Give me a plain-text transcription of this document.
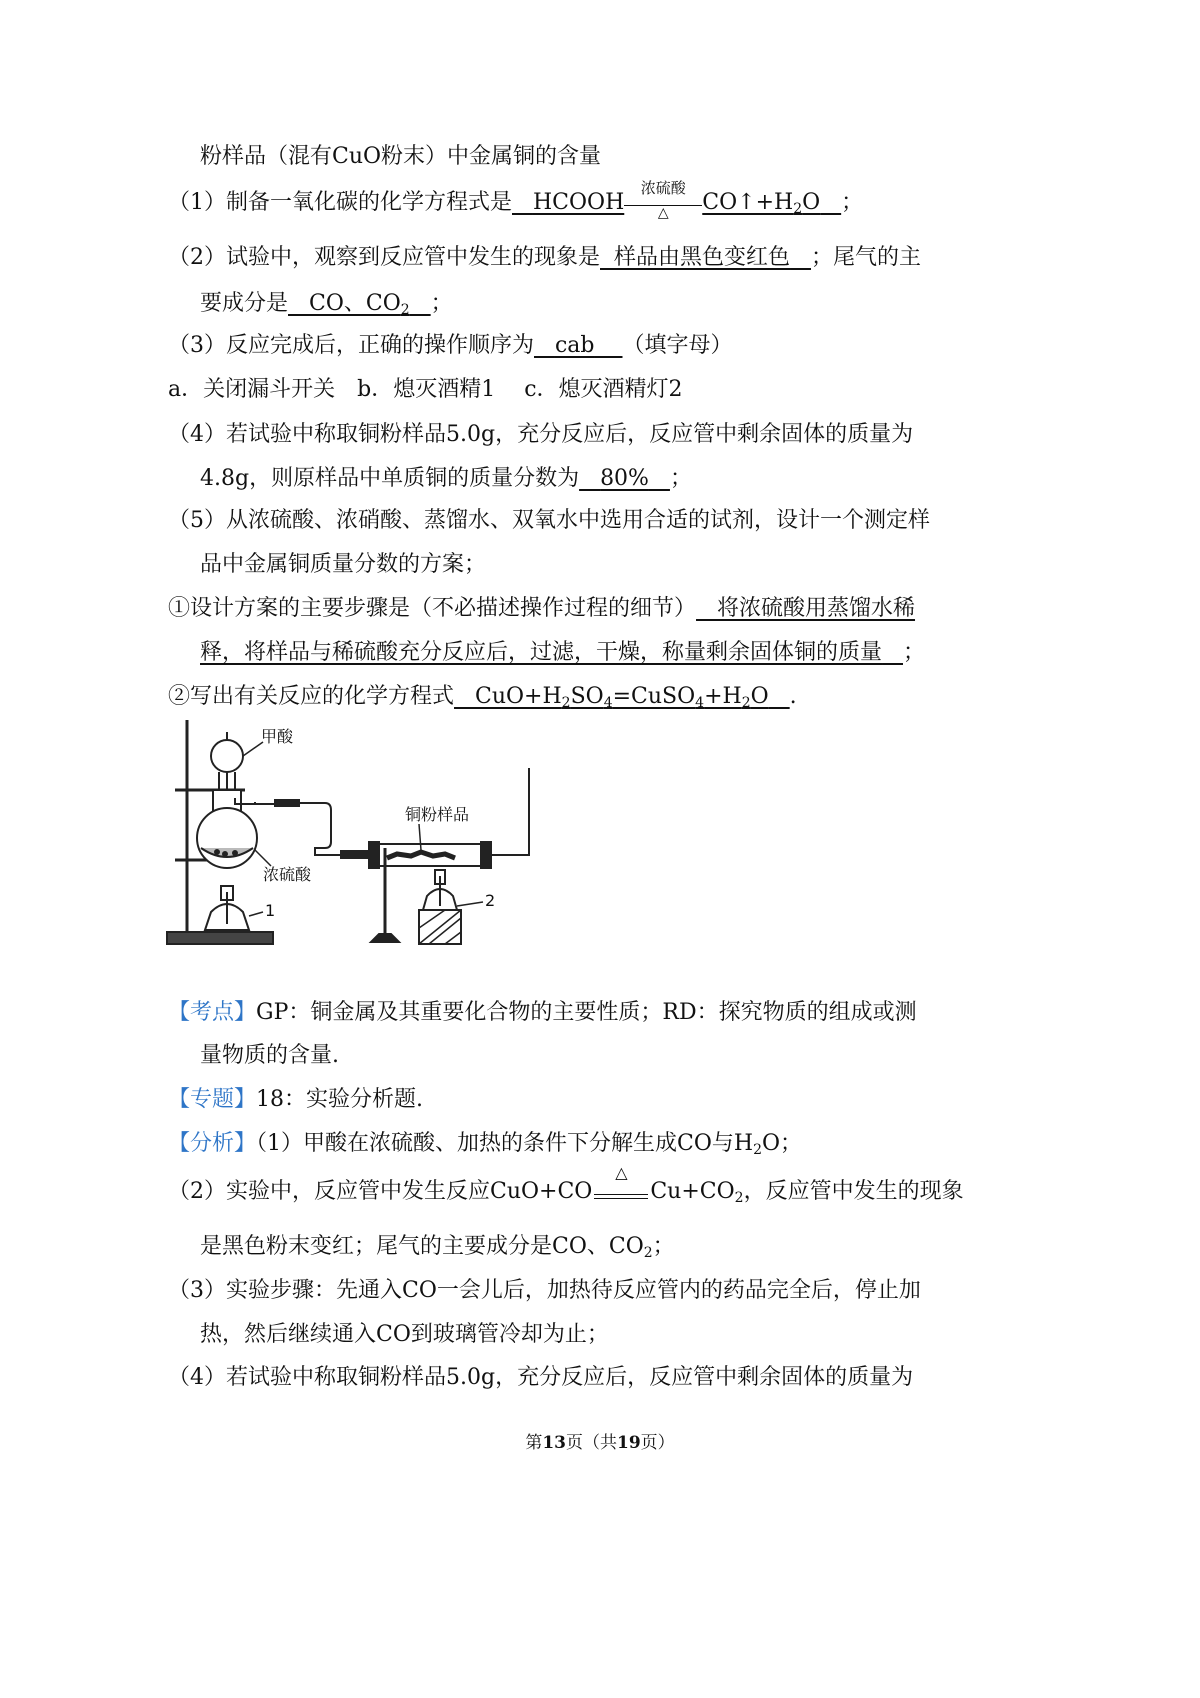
粉样品（混有CuO粉末）中金属铜的含量
（1）制备一氧化碳的化学方程式是 HCOOH
浓硫酸
△	$CO↑+H_2O$ ；
（2）试验中，观察到反应管中发生的现象是 样品由黑色变红色 ；尾气的主
要成分是 CO、$CO_2$ ；
（3）反应完成后，正确的操作顺序为 cab （填字母）
a．关闭漏斗开关　b．熄灭酒精1　 c．熄灭酒精灯2
（4）若试验中称取铜粉样品5.0g，充分反应后，反应管中剩余固体的质量为
4.8g，则原样品中单质铜的质量分数为 80% ；
（5）从浓硫酸、浓硝酸、蒸馏水、双氧水中选用合适的试剂，设计一个测定样
品中金属铜质量分数的方案；
①设计方案的主要步骤是（不必描述操作过程的细节） 将浓硫酸用蒸馏水稀
释，将样品与稀硫酸充分反应后，过滤，干燥，称量剩余固体铜的质量 ；
②写出有关反应的化学方程式 $CuO+H_2SO_4=CuSO_4+H_2O$ .
甲酸
铜粉样品
浓硫酸
1
2
【考点】GP：铜金属及其重要化合物的主要性质；RD：探究物质的组成或测
量物质的含量.
【专题】18：实验分析题.
【分析】（1）甲酸在浓硫酸、加热的条件下分解生成CO与$H_2O$；
（2）实验中，反应管中发生反应CuO+CO
△
$Cu+CO_2$，反应管中发生的现象
是黑色粉末变红；尾气的主要成分是CO、$CO_2$；
（3）实验步骤：先通入CO一会儿后，加热待反应管内的药品完全后，停止加
热，然后继续通入CO到玻璃管冷却为止；
（4）若试验中称取铜粉样品5.0g，充分反应后，反应管中剩余固体的质量为
第13页（共19页）
